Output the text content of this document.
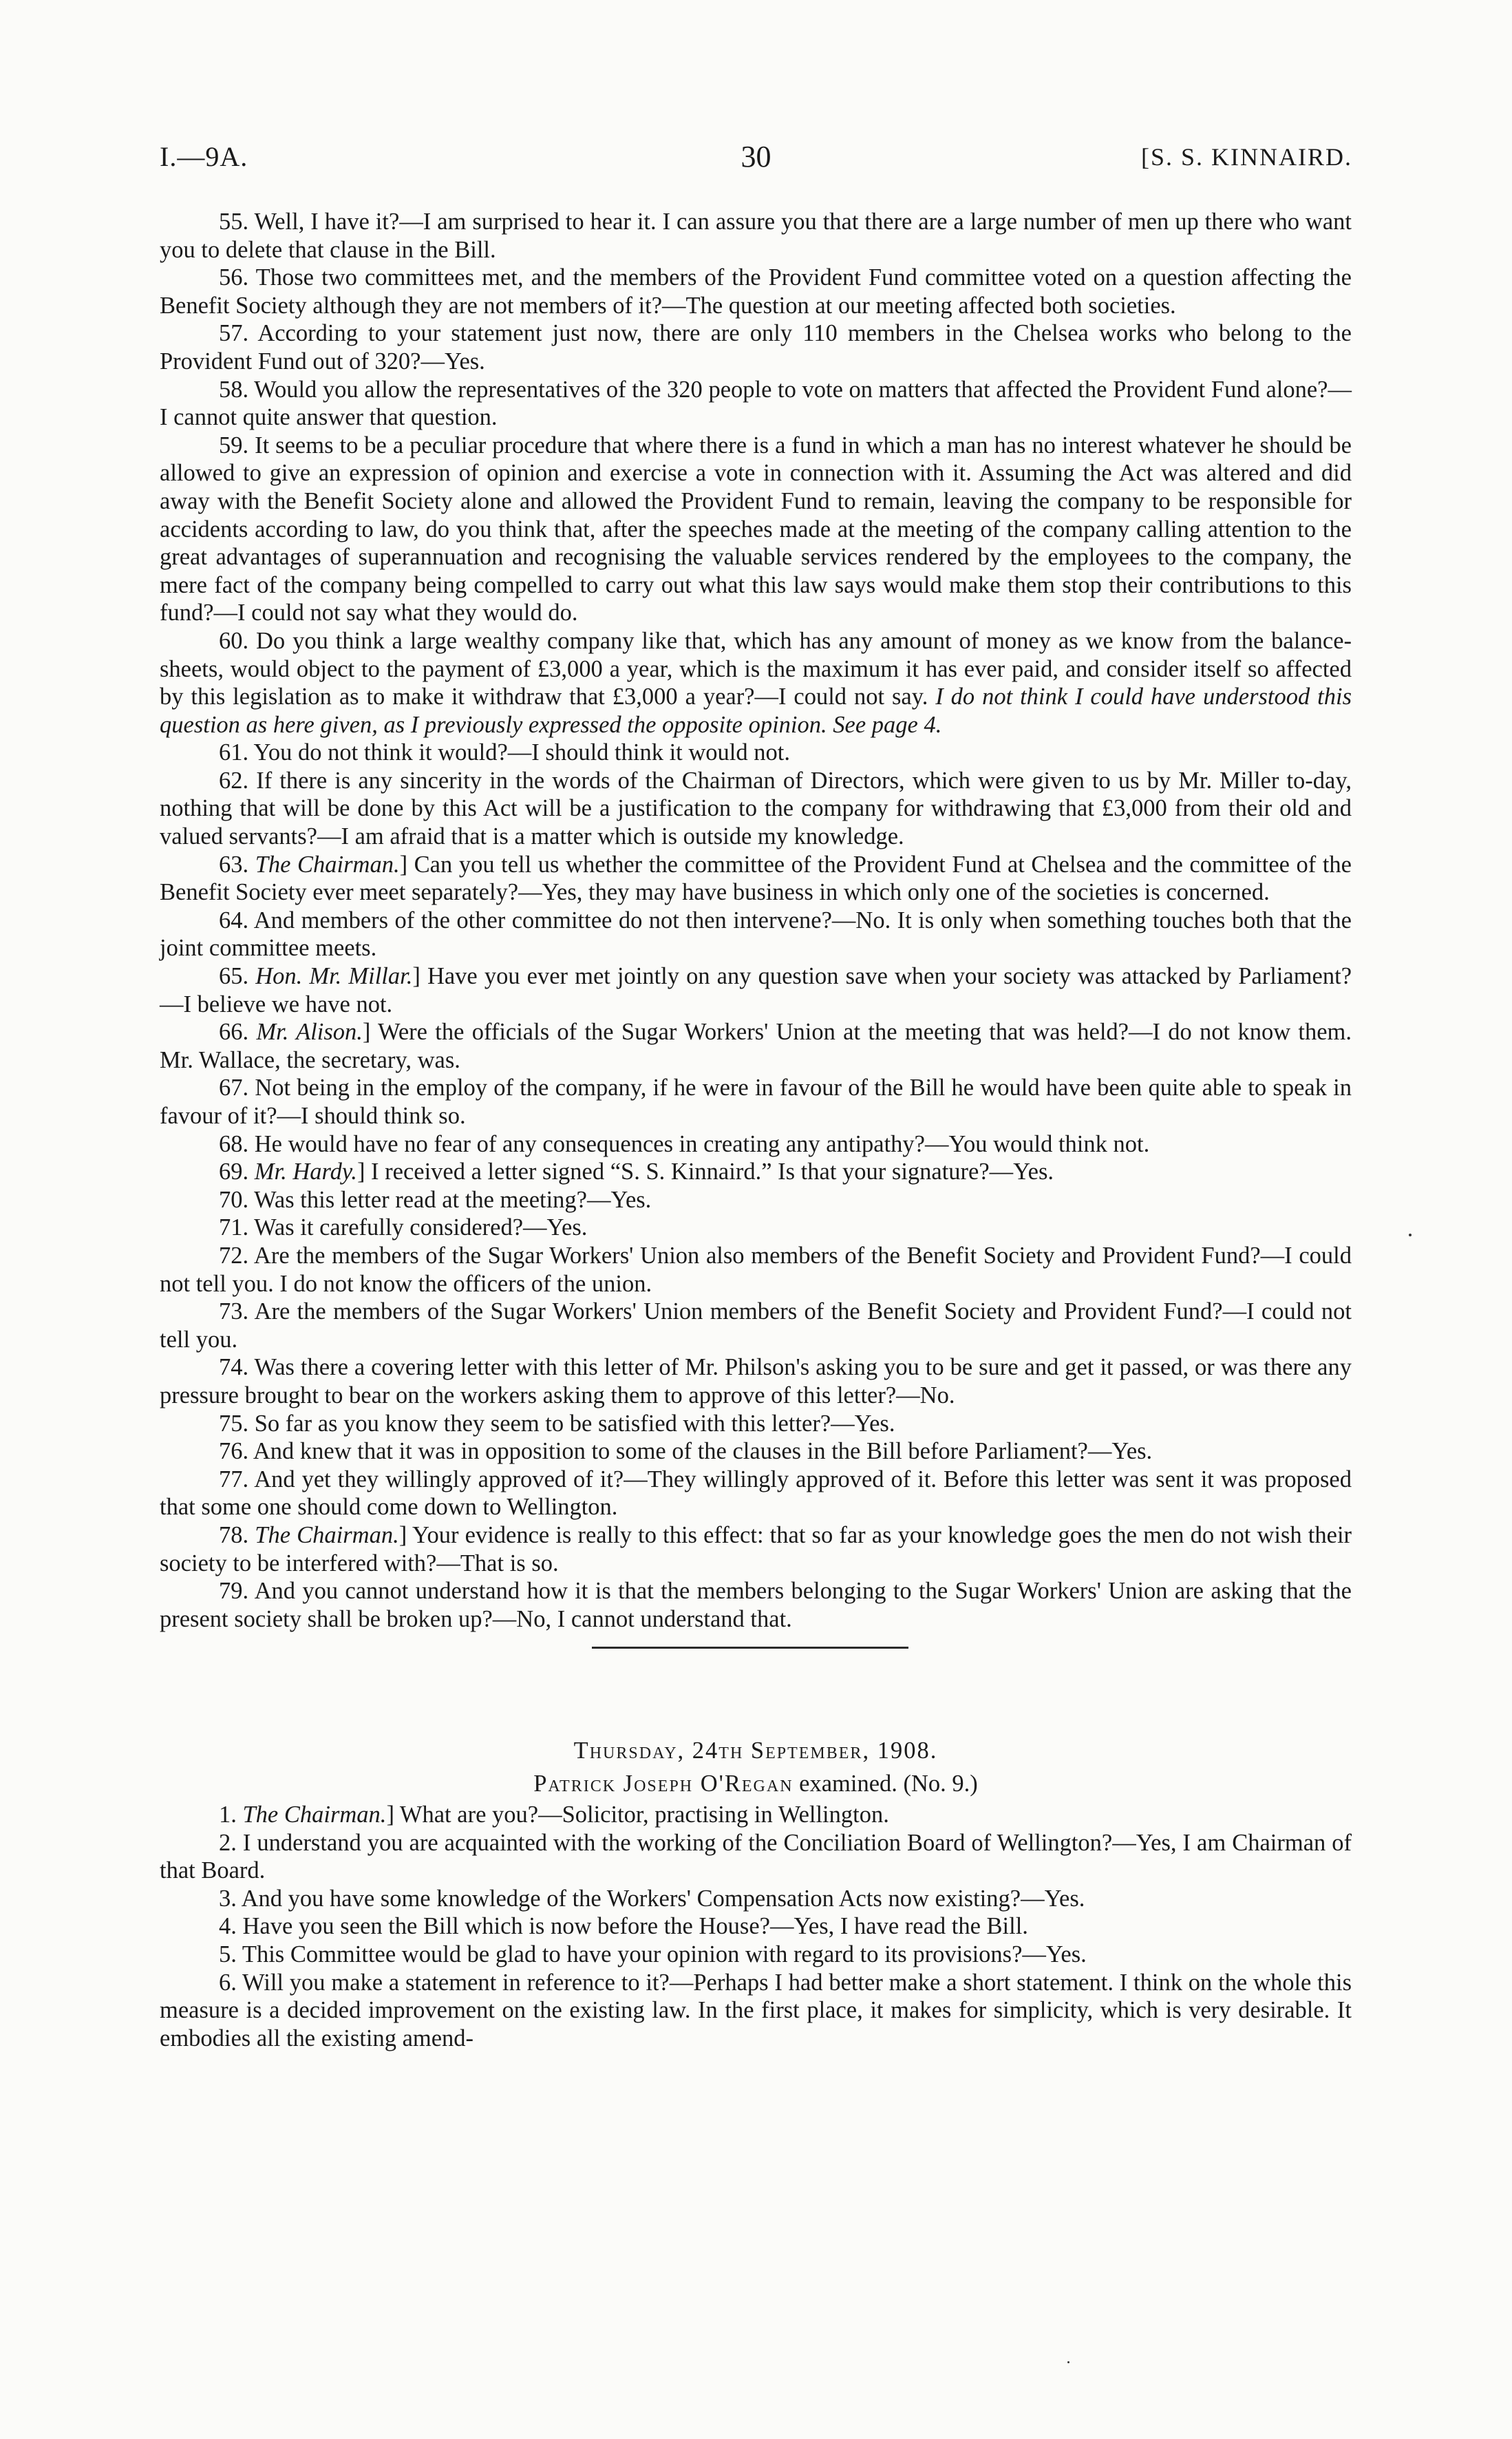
I.—9A.	30	[S. S. KINNAIRD.

55. Well, I have it?—I am surprised to hear it. I can assure you that there are a large number of men up there who want you to delete that clause in the Bill.

56. Those two committees met, and the members of the Provident Fund committee voted on a question affecting the Benefit Society although they are not members of it?—The question at our meeting affected both societies.

57. According to your statement just now, there are only 110 members in the Chelsea works who belong to the Provident Fund out of 320?—Yes.

58. Would you allow the representatives of the 320 people to vote on matters that affected the Provident Fund alone?—I cannot quite answer that question.

59. It seems to be a peculiar procedure that where there is a fund in which a man has no interest whatever he should be allowed to give an expression of opinion and exercise a vote in connection with it. Assuming the Act was altered and did away with the Benefit Society alone and allowed the Provident Fund to remain, leaving the company to be responsible for accidents according to law, do you think that, after the speeches made at the meeting of the company calling attention to the great advantages of superannuation and recognising the valuable services rendered by the employees to the company, the mere fact of the company being compelled to carry out what this law says would make them stop their contributions to this fund?—I could not say what they would do.

60. Do you think a large wealthy company like that, which has any amount of money as we know from the balance-sheets, would object to the payment of £3,000 a year, which is the maximum it has ever paid, and consider itself so affected by this legislation as to make it withdraw that £3,000 a year?—I could not say. I do not think I could have understood this question as here given, as I previously expressed the opposite opinion. See page 4.

61. You do not think it would?—I should think it would not.

62. If there is any sincerity in the words of the Chairman of Directors, which were given to us by Mr. Miller to-day, nothing that will be done by this Act will be a justification to the company for withdrawing that £3,000 from their old and valued servants?—I am afraid that is a matter which is outside my knowledge.

63. The Chairman.] Can you tell us whether the committee of the Provident Fund at Chelsea and the committee of the Benefit Society ever meet separately?—Yes, they may have business in which only one of the societies is concerned.

64. And members of the other committee do not then intervene?—No. It is only when something touches both that the joint committee meets.

65. Hon. Mr. Millar.] Have you ever met jointly on any question save when your society was attacked by Parliament?—I believe we have not.

66. Mr. Alison.] Were the officials of the Sugar Workers' Union at the meeting that was held?—I do not know them. Mr. Wallace, the secretary, was.

67. Not being in the employ of the company, if he were in favour of the Bill he would have been quite able to speak in favour of it?—I should think so.

68. He would have no fear of any consequences in creating any antipathy?—You would think not.

69. Mr. Hardy.] I received a letter signed “S. S. Kinnaird.” Is that your signature?—Yes.

70. Was this letter read at the meeting?—Yes.

71. Was it carefully considered?—Yes.

72. Are the members of the Sugar Workers' Union also members of the Benefit Society and Provident Fund?—I could not tell you. I do not know the officers of the union.

73. Are the members of the Sugar Workers' Union members of the Benefit Society and Provident Fund?—I could not tell you.

74. Was there a covering letter with this letter of Mr. Philson's asking you to be sure and get it passed, or was there any pressure brought to bear on the workers asking them to approve of this letter?—No.

75. So far as you know they seem to be satisfied with this letter?—Yes.

76. And knew that it was in opposition to some of the clauses in the Bill before Parliament?—Yes.

77. And yet they willingly approved of it?—They willingly approved of it. Before this letter was sent it was proposed that some one should come down to Wellington.

78. The Chairman.] Your evidence is really to this effect: that so far as your knowledge goes the men do not wish their society to be interfered with?—That is so.

79. And you cannot understand how it is that the members belonging to the Sugar Workers' Union are asking that the present society shall be broken up?—No, I cannot understand that.

Thursday, 24th September, 1908.
Patrick Joseph O'Regan examined. (No. 9.)

1. The Chairman.] What are you?—Solicitor, practising in Wellington.

2. I understand you are acquainted with the working of the Conciliation Board of Wellington?—Yes, I am Chairman of that Board.

3. And you have some knowledge of the Workers' Compensation Acts now existing?—Yes.

4. Have you seen the Bill which is now before the House?—Yes, I have read the Bill.

5. This Committee would be glad to have your opinion with regard to its provisions?—Yes.

6. Will you make a statement in reference to it?—Perhaps I had better make a short statement. I think on the whole this measure is a decided improvement on the existing law. In the first place, it makes for simplicity, which is very desirable. It embodies all the existing amend-
